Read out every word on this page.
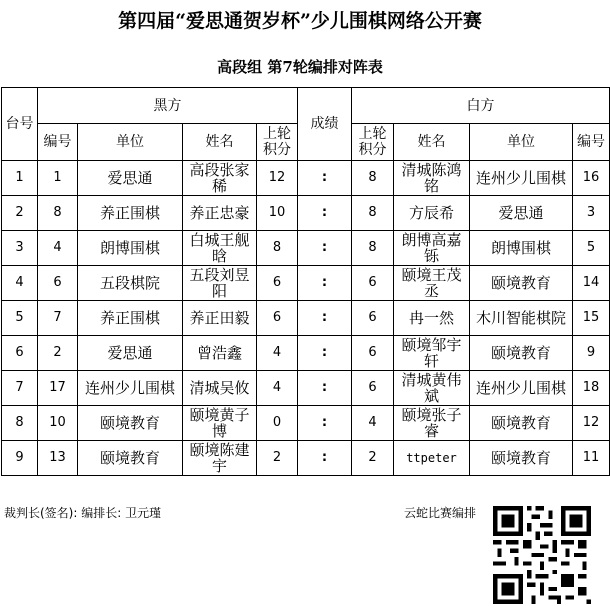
第四届“爱思通贺岁杯”少儿围棋网络公开赛
高段组 第7轮编排对阵表
台号	黑方				成绩	白方			
	编号	单位	姓名	上轮积分		上轮积分	姓名	单位	编号
1	1	爱思通	高段张家稀	12	:	8	清城陈鸿铭	连州少儿围棋	16
2	8	养正围棋	养正忠豪	10	:	8	方辰希	爱思通	3
3	4	朗博围棋	白城王舰晗	8	:	8	朗博高嘉铄	朗博围棋	5
4	6	五段棋院	五段刘昱阳	6	:	6	颐境王茂丞	颐境教育	14
5	7	养正围棋	养正田毅	6	:	6	冉一然	木川智能棋院	15
6	2	爱思通	曾浩鑫	4	:	6	颐境邹宇轩	颐境教育	9
7	17	连州少儿围棋	清城吴攸	4	:	6	清城黄伟斌	连州少儿围棋	18
8	10	颐境教育	颐境黄子博	0	:	4	颐境张子睿	颐境教育	12
9	13	颐境教育	颐境陈建宇	2	:	2	ttpeter	颐境教育	11
裁判长(签名): 编排长: 卫元瑾	云蛇比赛编排
